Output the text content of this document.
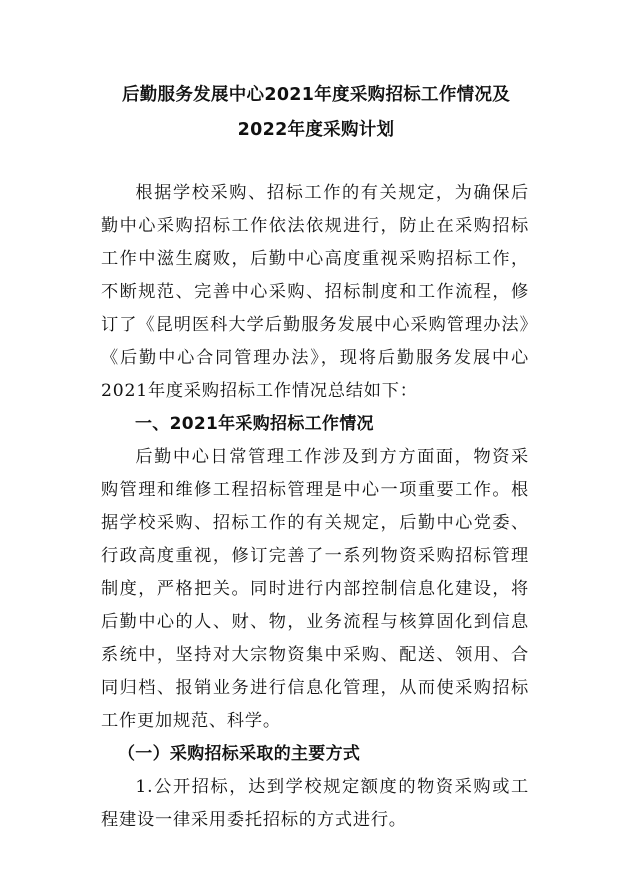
后勤服务发展中心2021年度采购招标工作情况及
2022年度采购计划

根据学校采购、招标工作的有关规定，为确保后勤中心采购招标工作依法依规进行，防止在采购招标工作中滋生腐败，后勤中心高度重视采购招标工作，不断规范、完善中心采购、招标制度和工作流程，修订了《昆明医科大学后勤服务发展中心采购管理办法》《后勤中心合同管理办法》，现将后勤服务发展中心2021年度采购招标工作情况总结如下：

一、2021年采购招标工作情况

后勤中心日常管理工作涉及到方方面面，物资采购管理和维修工程招标管理是中心一项重要工作。根据学校采购、招标工作的有关规定，后勤中心党委、行政高度重视，修订完善了一系列物资采购招标管理制度，严格把关。同时进行内部控制信息化建设，将后勤中心的人、财、物，业务流程与核算固化到信息系统中，坚持对大宗物资集中采购、配送、领用、合同归档、报销业务进行信息化管理，从而使采购招标工作更加规范、科学。

（一）采购招标采取的主要方式

1.公开招标，达到学校规定额度的物资采购或工程建设一律采用委托招标的方式进行。
